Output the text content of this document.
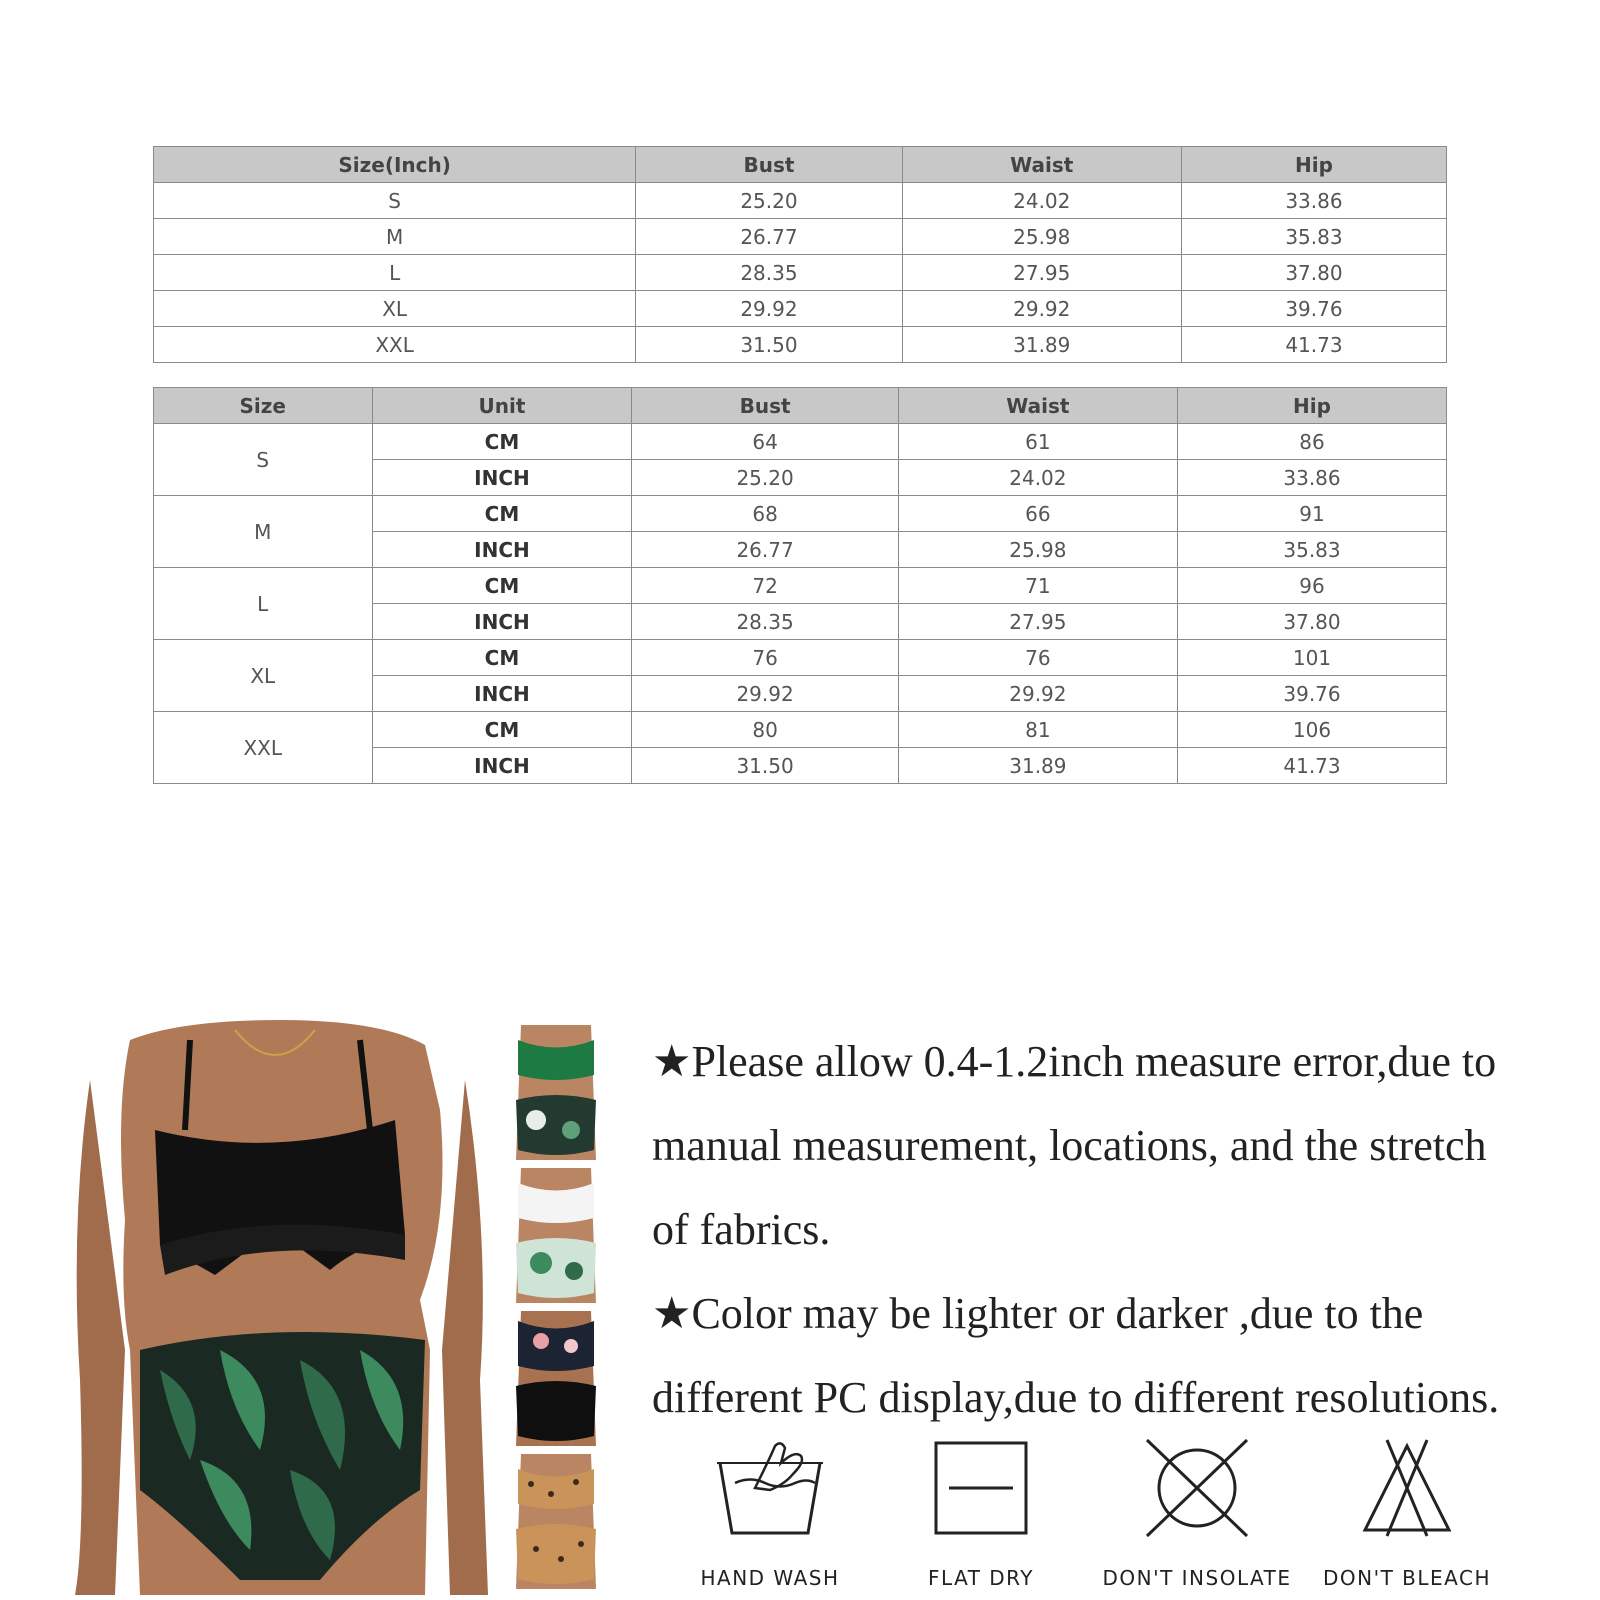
Size(Inch)	Bust	Waist	Hip
S	25.20	24.02	33.86
M	26.77	25.98	35.83
L	28.35	27.95	37.80
XL	29.92	29.92	39.76
XXL	31.50	31.89	41.73
Size	Unit	Bust	Waist	Hip
S	CM	64	61	86
	INCH	25.20	24.02	33.86
M	CM	68	66	91
	INCH	26.77	25.98	35.83
L	CM	72	71	96
	INCH	28.35	27.95	37.80
XL	CM	76	76	101
	INCH	29.92	29.92	39.76
XXL	CM	80	81	106
	INCH	31.50	31.89	41.73

★Please allow 0.4-1.2inch measure error,due to

manual measurement, locations, and the stretch

of fabrics.

★Color may be lighter or darker ,due to the

different PC display,due to different resolutions.

HAND WASH	FLAT DRY	DON'T INSOLATE DON'T BLEACH
